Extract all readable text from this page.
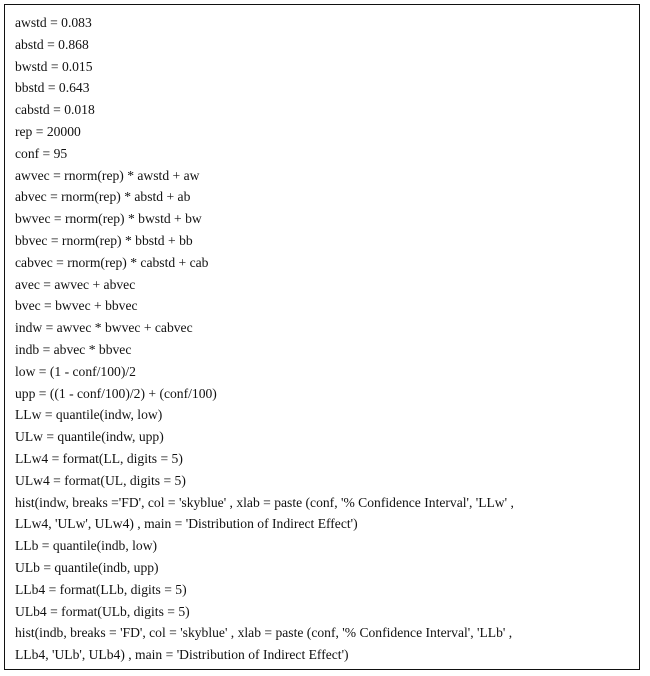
awstd = 0.083
abstd = 0.868
bwstd = 0.015
bbstd = 0.643
cabstd = 0.018
rep = 20000
conf = 95
awvec = rnorm(rep) * awstd + aw
abvec = rnorm(rep) * abstd + ab
bwvec = rnorm(rep) * bwstd + bw
bbvec = rnorm(rep) * bbstd + bb
cabvec = rnorm(rep) * cabstd + cab
avec = awvec + abvec
bvec = bwvec + bbvec
indw = awvec * bwvec + cabvec
indb = abvec * bbvec
low = (1 - conf/100)/2
upp = ((1 - conf/100)/2) + (conf/100)
LLw = quantile(indw, low)
ULw = quantile(indw, upp)
LLw4 = format(LL, digits = 5)
ULw4 = format(UL, digits = 5)
hist(indw, breaks ='FD', col = 'skyblue' , xlab = paste (conf, '% Confidence Interval', 'LLw' ,
LLw4, 'ULw', ULw4) , main = 'Distribution of Indirect Effect')
LLb = quantile(indb, low)
ULb = quantile(indb, upp)
LLb4 = format(LLb, digits = 5)
ULb4 = format(ULb, digits = 5)
hist(indb, breaks = 'FD', col = 'skyblue' , xlab = paste (conf, '% Confidence Interval', 'LLb' ,
LLb4, 'ULb', ULb4) , main = 'Distribution of Indirect Effect')
